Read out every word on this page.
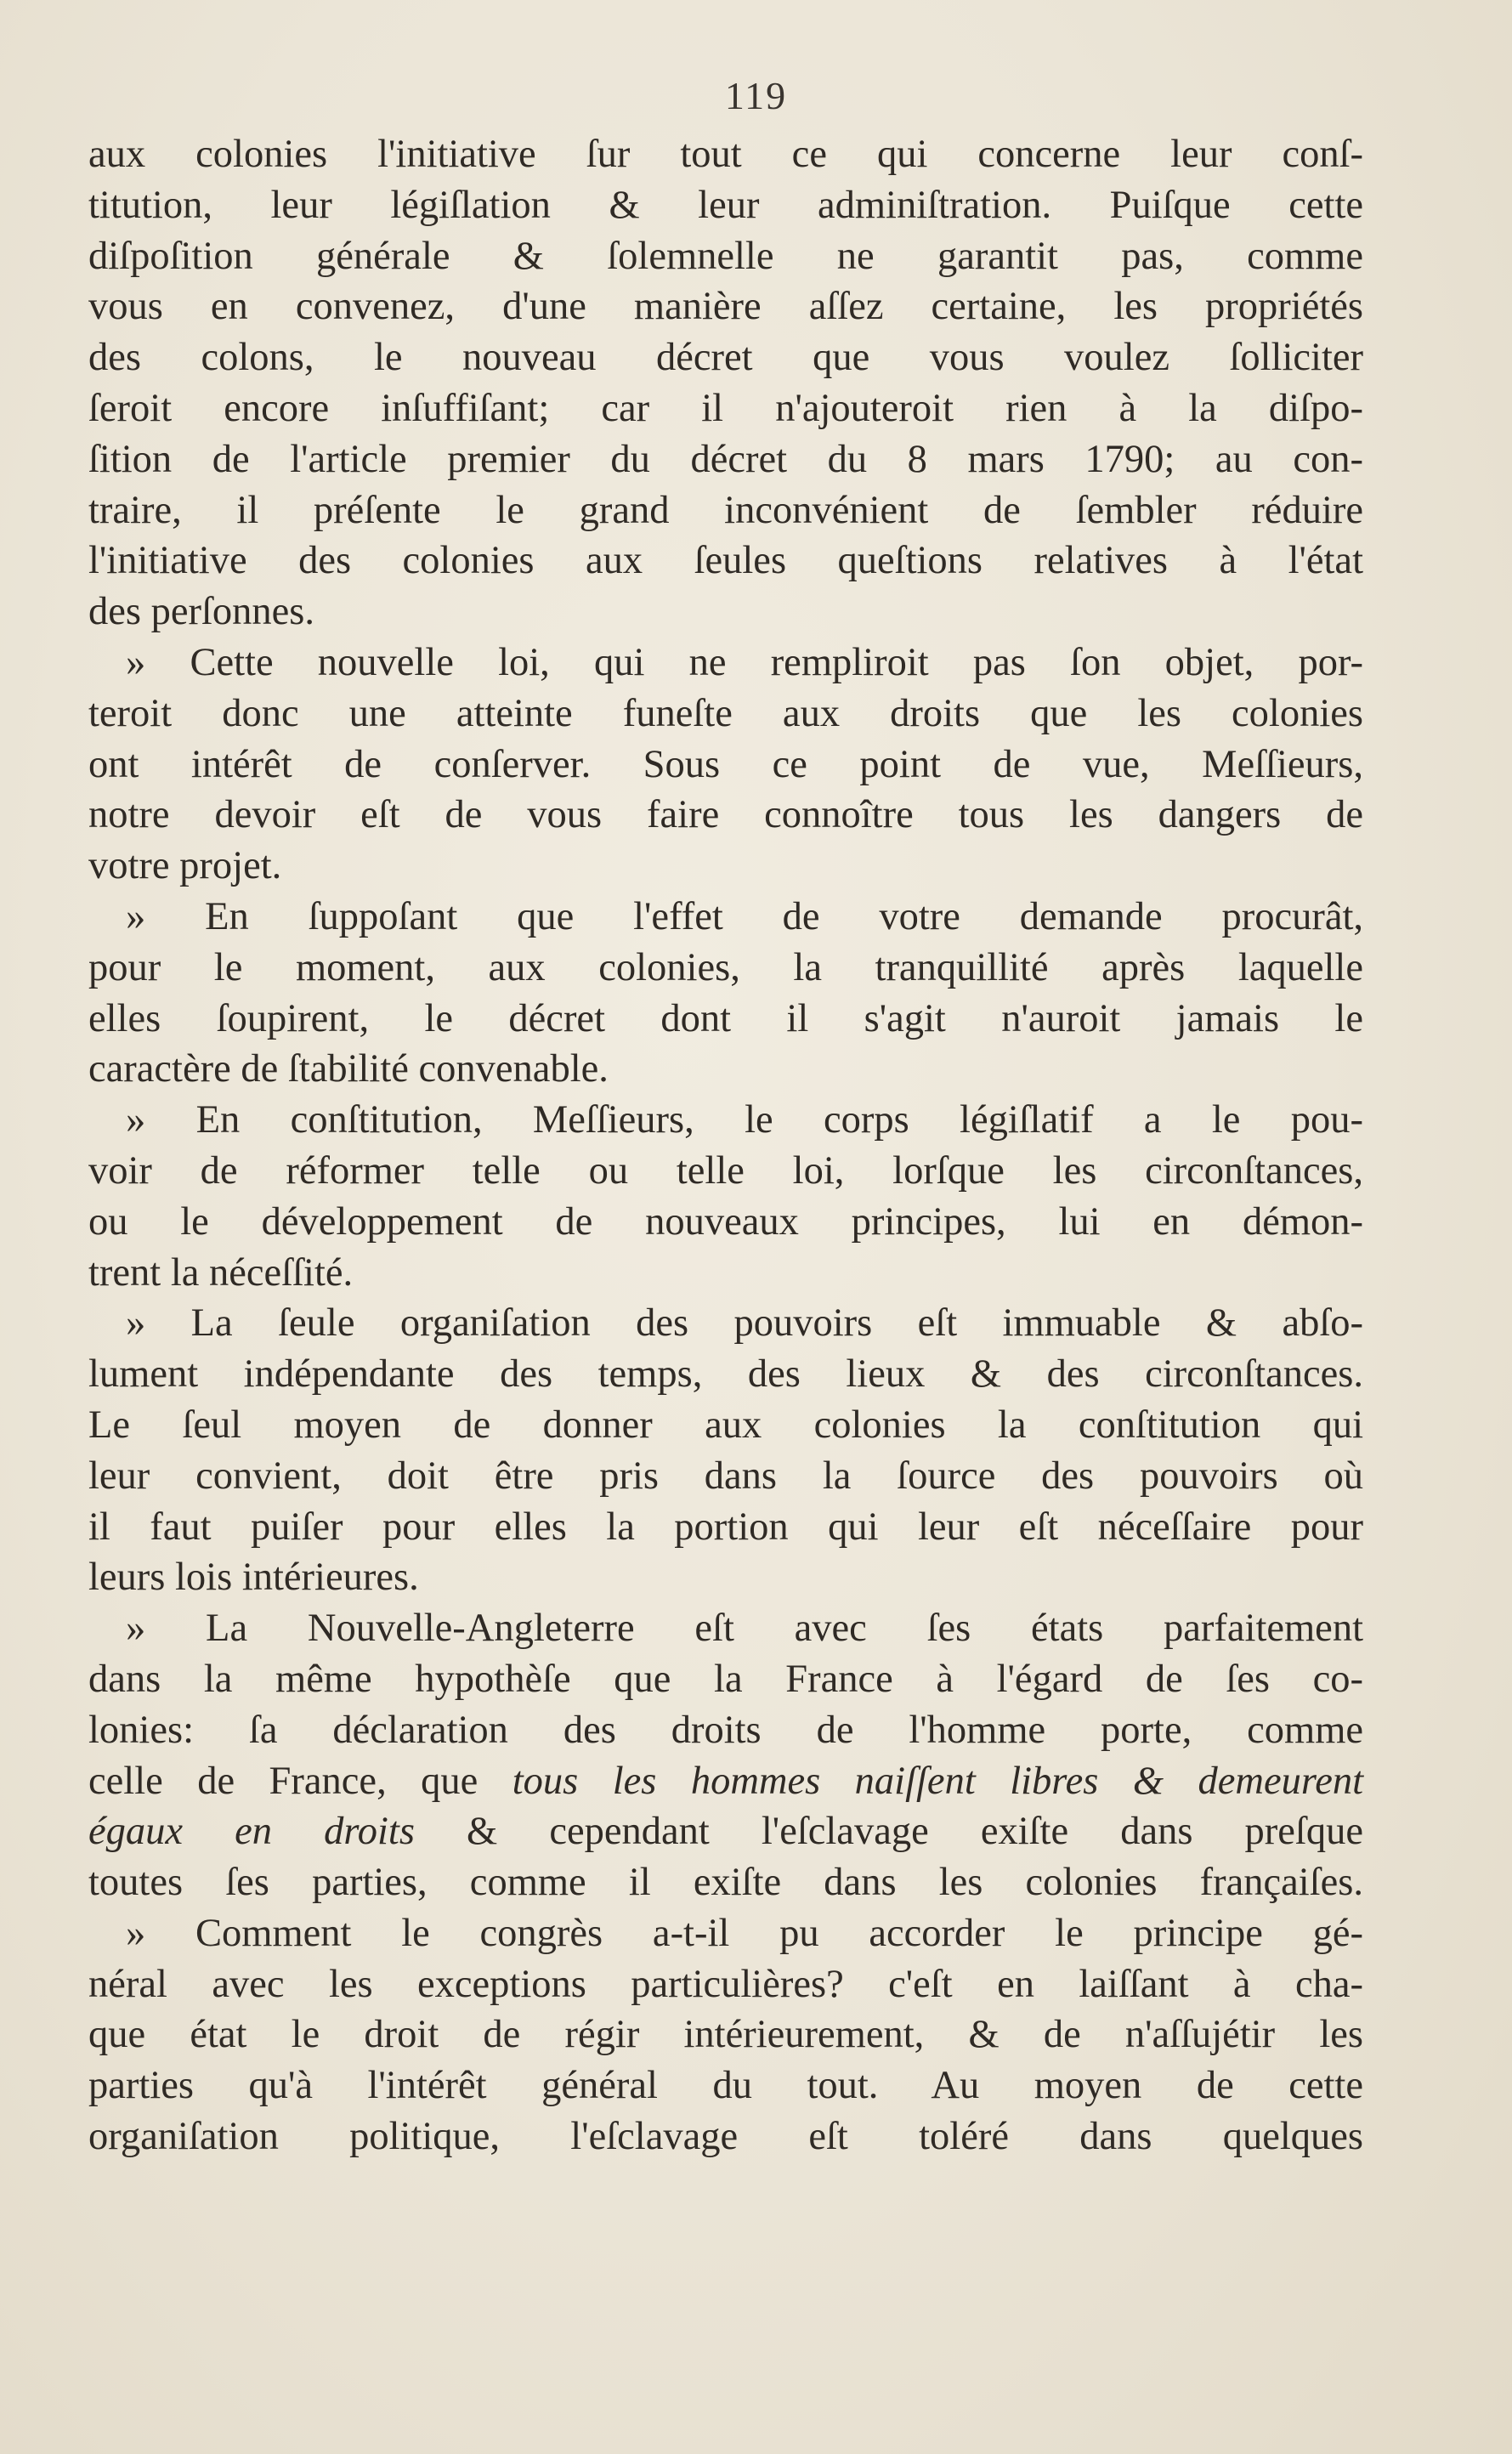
119
aux colonies l'initiative ſur tout ce qui concerne leur conſ-
titution, leur légiſlation & leur adminiſtration. Puiſque cette
diſpoſition générale & ſolemnelle ne garantit pas, comme
vous en convenez, d'une manière aſſez certaine, les propriétés
des colons, le nouveau décret que vous voulez ſolliciter
ſeroit encore inſuffiſant; car il n'ajouteroit rien à la diſpo-
ſition de l'article premier du décret du 8 mars 1790; au con-
traire, il préſente le grand inconvénient de ſembler réduire
l'initiative des colonies aux ſeules queſtions relatives à l'état
des perſonnes.
» Cette nouvelle loi, qui ne rempliroit pas ſon objet, por-
teroit donc une atteinte funeſte aux droits que les colonies
ont intérêt de conſerver. Sous ce point de vue, Meſſieurs,
notre devoir eſt de vous faire connoître tous les dangers de
votre projet.
» En ſuppoſant que l'effet de votre demande procurât,
pour le moment, aux colonies, la tranquillité après laquelle
elles ſoupirent, le décret dont il s'agit n'auroit jamais le
caractère de ſtabilité convenable.
» En conſtitution, Meſſieurs, le corps légiſlatif a le pou-
voir de réformer telle ou telle loi, lorſque les circonſtances,
ou le développement de nouveaux principes, lui en démon-
trent la néceſſité.
» La ſeule organiſation des pouvoirs eſt immuable & abſo-
lument indépendante des temps, des lieux & des circonſtances.
Le ſeul moyen de donner aux colonies la conſtitution qui
leur convient, doit être pris dans la ſource des pouvoirs où
il faut puiſer pour elles la portion qui leur eſt néceſſaire pour
leurs lois intérieures.
» La Nouvelle-Angleterre eſt avec ſes états parfaitement
dans la même hypothèſe que la France à l'égard de ſes co-
lonies: ſa déclaration des droits de l'homme porte, comme
celle de France, que tous les hommes naiſſent libres & demeurent
égaux en droits & cependant l'eſclavage exiſte dans preſque
toutes ſes parties, comme il exiſte dans les colonies françaiſes.
» Comment le congrès a-t-il pu accorder le principe gé-
néral avec les exceptions particulières? c'eſt en laiſſant à cha-
que état le droit de régir intérieurement, & de n'aſſujétir les
parties qu'à l'intérêt général du tout. Au moyen de cette
organiſation politique, l'eſclavage eſt toléré dans quelques
